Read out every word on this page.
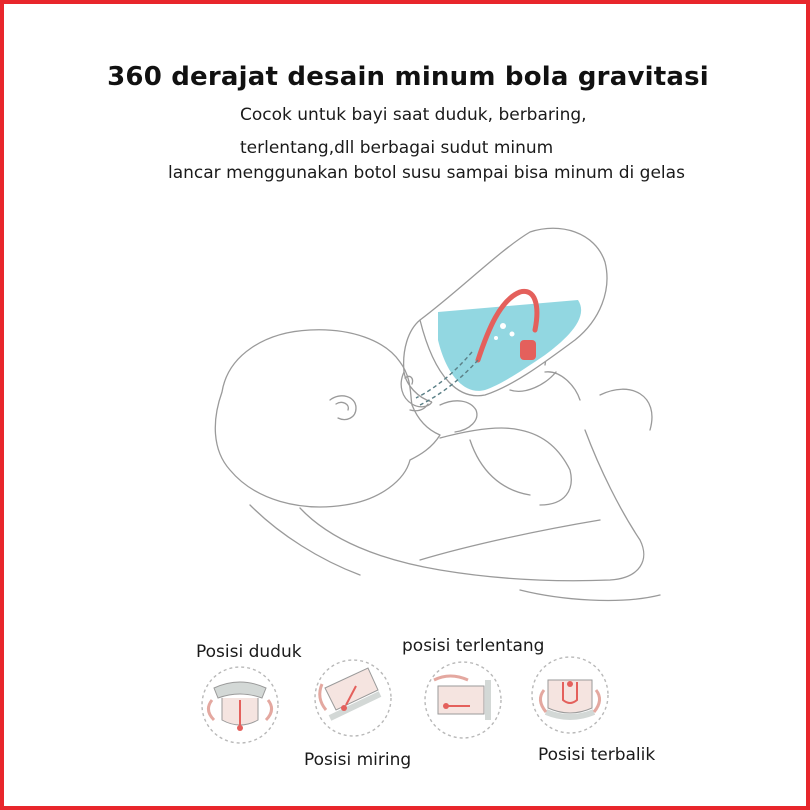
360 derajat desain minum bola gravitasi
Cocok untuk bayi saat duduk, berbaring,
terlentang,dll berbagai sudut minum
lancar menggunakan botol susu sampai bisa minum di gelas
Posisi duduk	posisi terlentang
Posisi miring	Posisi terbalik
